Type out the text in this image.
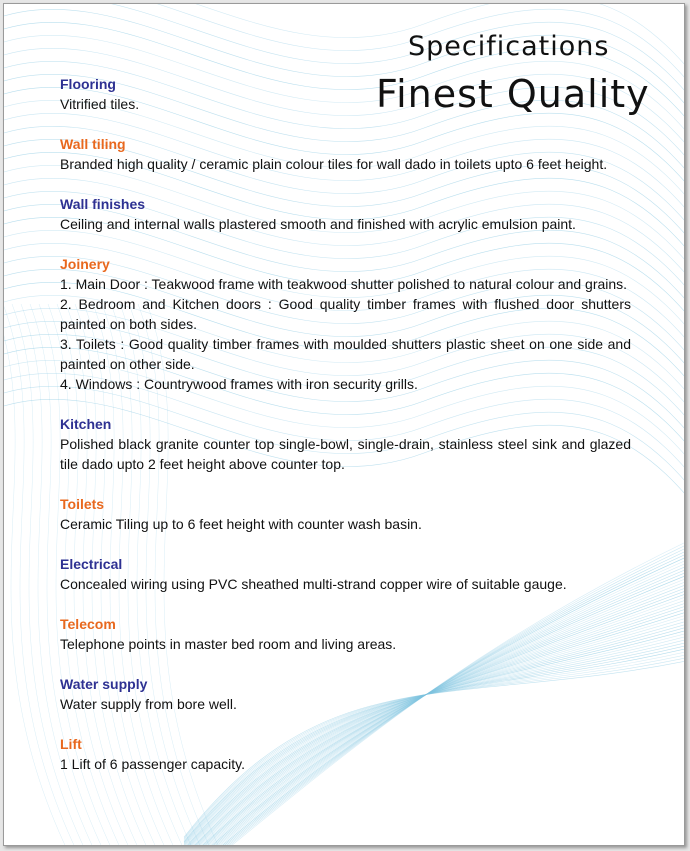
Specifications
Finest Quality

Flooring

Vitrified tiles.

Wall tiling

Branded high quality / ceramic plain colour tiles for wall dado in toilets upto 6 feet height.

Wall finishes

Ceiling and internal walls plastered smooth and finished with acrylic emulsion paint.

Joinery

1. Main Door : Teakwood frame with teakwood shutter polished to natural colour and grains.

2. Bedroom and Kitchen doors : Good quality timber frames with flushed door shutters painted on both sides.

3. Toilets : Good quality timber frames with moulded shutters plastic sheet on one side and painted on other side.

4. Windows : Countrywood frames with iron security grills.

Kitchen

Polished black granite counter top single-bowl, single-drain, stainless steel sink and glazed tile dado upto 2 feet height above counter top.

Toilets

Ceramic Tiling up to 6 feet height with counter wash basin.

Electrical

Concealed wiring using PVC sheathed multi-strand copper wire of suitable gauge.

Telecom

Telephone points in master bed room and living areas.

Water supply

Water supply from bore well.

Lift

1 Lift of 6 passenger capacity.
